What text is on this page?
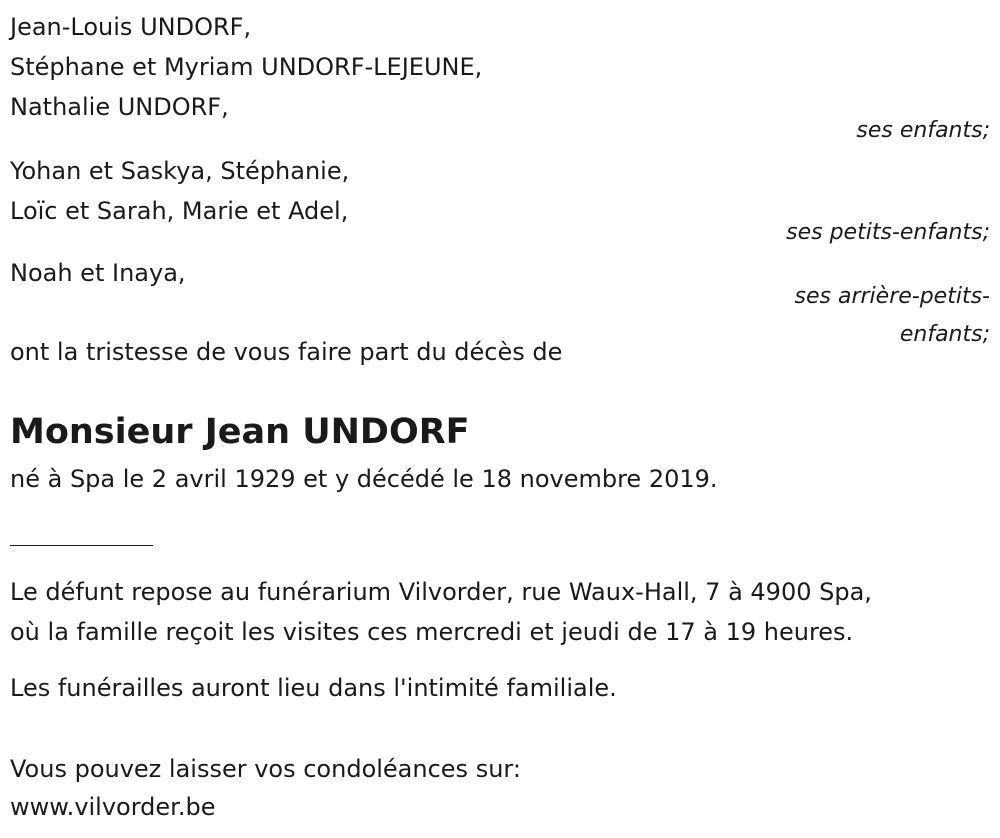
Jean-Louis UNDORF,
Stéphane et Myriam UNDORF-LEJEUNE,
Nathalie UNDORF,
ses enfants;
Yohan et Saskya, Stéphanie,
Loïc et Sarah, Marie et Adel,
ses petits-enfants;
Noah et Inaya,
ses arrière-petits-
enfants;
ont la tristesse de vous faire part du décès de
Monsieur Jean UNDORF
né à Spa le 2 avril 1929 et y décédé le 18 novembre 2019.
Le défunt repose au funérarium Vilvorder, rue Waux-Hall, 7 à 4900 Spa,
où la famille reçoit les visites ces mercredi et jeudi de 17 à 19 heures.
Les funérailles auront lieu dans l'intimité familiale.
Vous pouvez laisser vos condoléances sur:
www.vilvorder.be
